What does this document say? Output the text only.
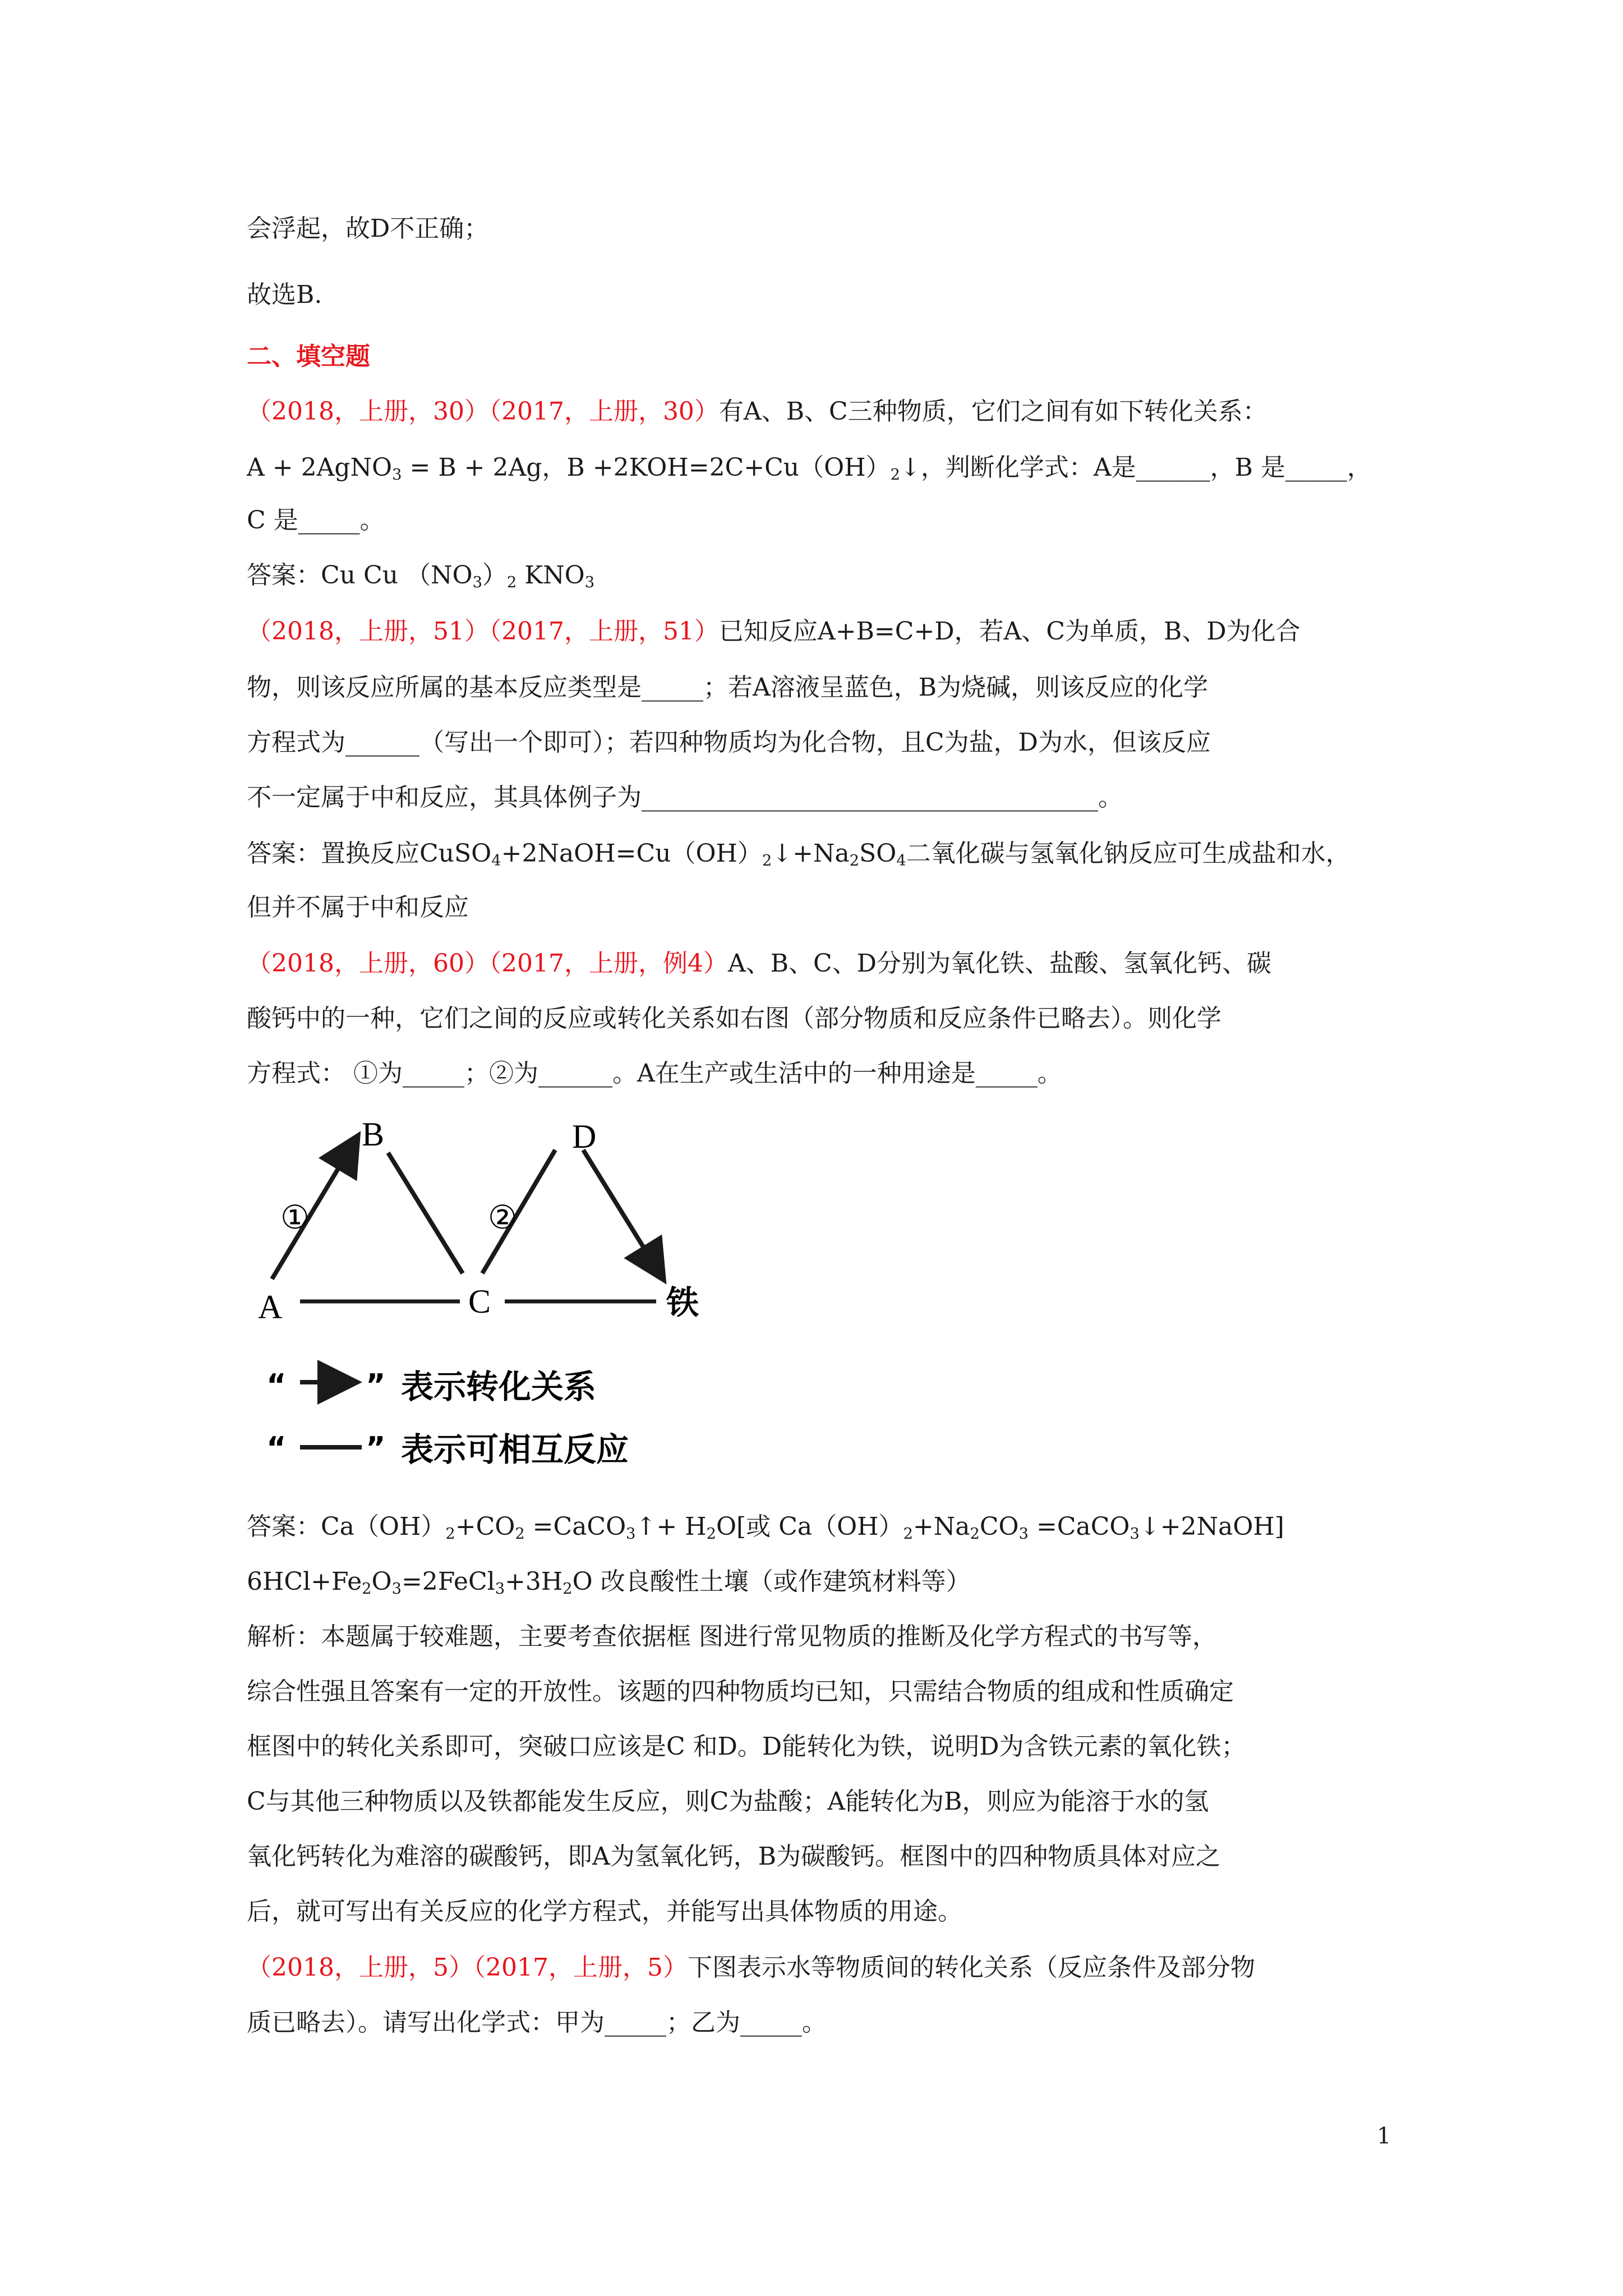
会浮起，故D不正确；
故选B.
二、填空题
（2018，上册，30）（2017，上册，30）有A、B、C三种物质，它们之间有如下转化关系：
A + 2AgNO$_3$ = B + 2Ag，$B +2KOH=2C+Cu(OH)_2↓$，判断化学式：A是______，B 是_____，
C 是_____。
答案：Cu Cu $(NO_3)_2$ $KNO_3$
（2018，上册，51）（2017，上册，51）已知反应A+B=C+D，若A、C为单质，B、D为化合
物，则该反应所属的基本反应类型是_____；若A溶液呈蓝色，B为烧碱，则该反应的化学
方程式为______（写出一个即可）；若四种物质均为化合物，且C为盐，D为水，但该反应
不一定属于中和反应，其具体例子为_____________________________________。
答案：置换反应$CuSO_4+2NaOH=Cu(OH)_2↓+Na_2SO_4$二氧化碳与氢氧化钠反应可生成盐和水，
但并不属于中和反应
（2018，上册，60）（2017，上册，例4）A、B、C、D分别为氧化铁、盐酸、氢氧化钙、碳
酸钙中的一种，它们之间的反应或转化关系如右图（部分物质和反应条件已略去）。则化学
方程式： ①为_____；②为______。A在生产或生活中的一种用途是_____。
A
B
C
D
铁
①	②
“	” 表示转化关系
“	” 表示可相互反应
答案：$Ca(OH)_2+CO_2$ =CaCO$_3$↑+ $H_2O$[或 $Ca(OH)_2+Na_2CO_3$ =CaCO$_3$↓+2NaOH]
$6HCl+Fe_2O_3=2FeCl_3+3H_2O$ 改良酸性土壤（或作建筑材料等）
解析：本题属于较难题，主要考查依据框 图进行常见物质的推断及化学方程式的书写等，
综合性强且答案有一定的开放性。该题的四种物质均已知，只需结合物质的组成和性质确定
框图中的转化关系即可，突破口应该是C 和D。D能转化为铁，说明D为含铁元素的氧化铁；
C与其他三种物质以及铁都能发生反应，则C为盐酸；A能转化为B，则应为能溶于水的氢
氧化钙转化为难溶的碳酸钙，即A为氢氧化钙，B为碳酸钙。框图中的四种物质具体对应之
后，就可写出有关反应的化学方程式，并能写出具体物质的用途。
（2018，上册，5）（2017，上册，5）下图表示水等物质间的转化关系（反应条件及部分物
质已略去）。请写出化学式：甲为_____；乙为_____。
1
